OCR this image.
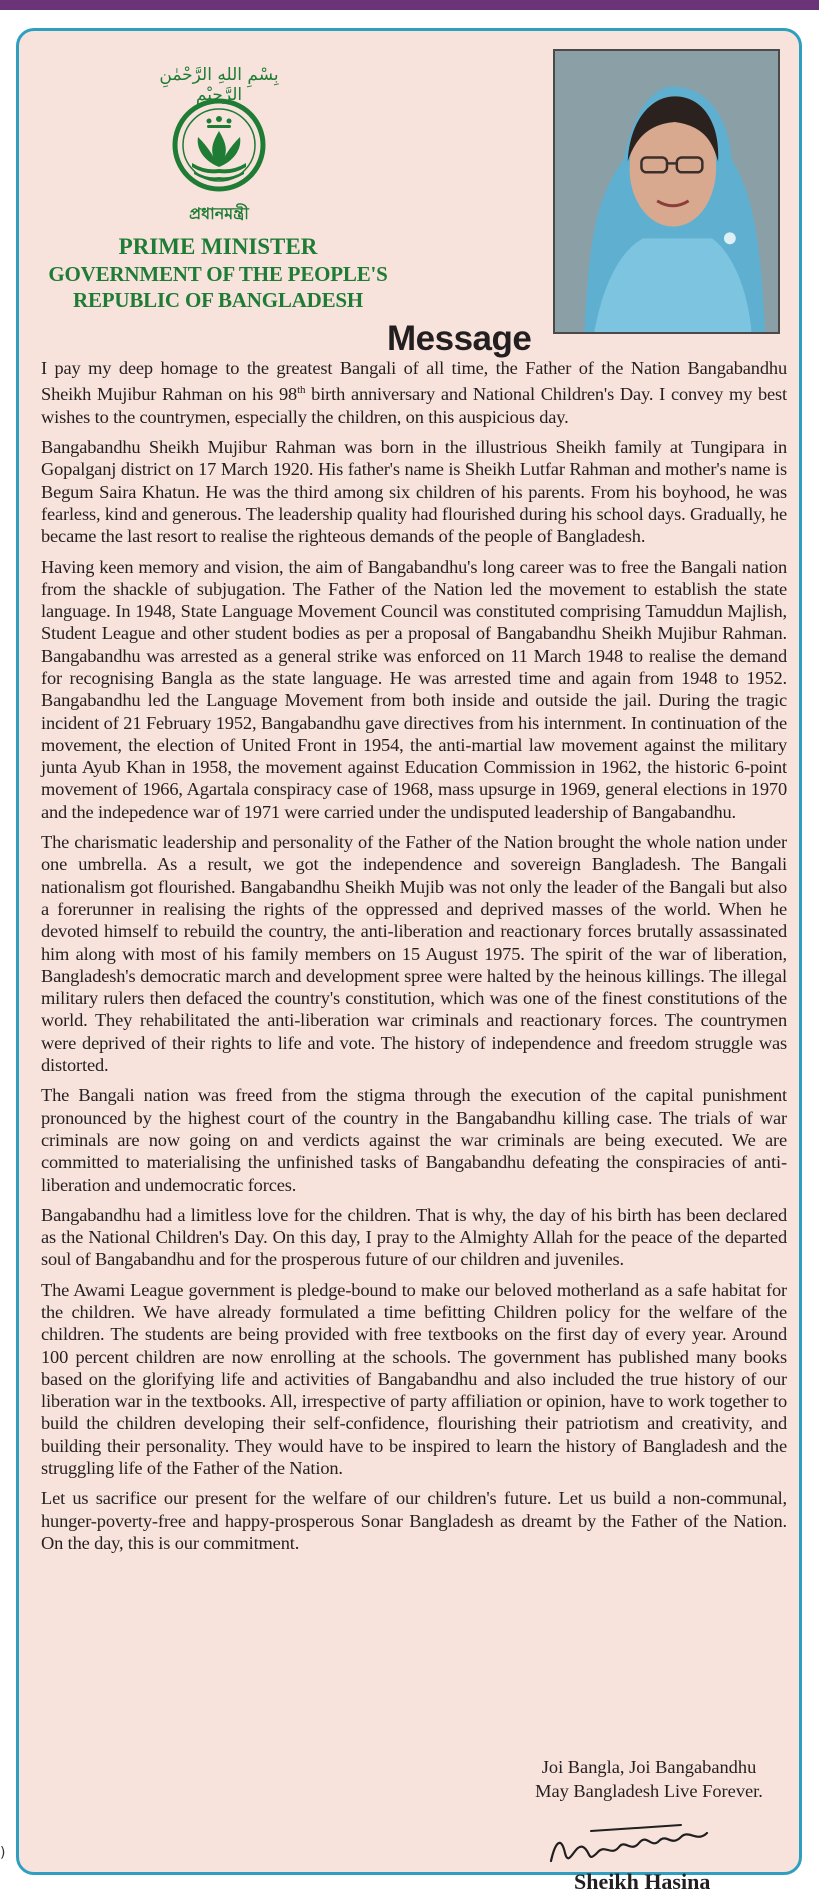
بِسْمِ اللهِ الرَّحْمٰنِ الرَّحِيْمِ
প্রধানমন্ত্রী
PRIME MINISTER
GOVERNMENT OF THE PEOPLE'S
REPUBLIC OF BANGLADESH
Message

I pay my deep homage to the greatest Bangali of all time, the Father of the Nation Bangabandhu Sheikh Mujibur Rahman on his 98th birth anniversary and National Children's Day. I convey my best wishes to the countrymen, especially the children, on this auspicious day.

Bangabandhu Sheikh Mujibur Rahman was born in the illustrious Sheikh family at Tungipara in Gopalganj district on 17 March 1920. His father's name is Sheikh Lutfar Rahman and mother's name is Begum Saira Khatun. He was the third among six children of his parents. From his boyhood, he was fearless, kind and generous. The leadership quality had flourished during his school days. Gradually, he became the last resort to realise the righteous demands of the people of Bangladesh.

Having keen memory and vision, the aim of Bangabandhu's long career was to free the Bangali nation from the shackle of subjugation. The Father of the Nation led the movement to establish the state language. In 1948, State Language Movement Council was constituted comprising Tamuddun Majlish, Student League and other student bodies as per a proposal of Bangabandhu Sheikh Mujibur Rahman. Bangabandhu was arrested as a general strike was enforced on 11 March 1948 to realise the demand for recognising Bangla as the state language. He was arrested time and again from 1948 to 1952. Bangabandhu led the Language Movement from both inside and outside the jail. During the tragic incident of 21 February 1952, Bangabandhu gave directives from his internment. In continuation of the movement, the election of United Front in 1954, the anti-martial law movement against the military junta Ayub Khan in 1958, the movement against Education Commission in 1962, the historic 6-point movement of 1966, Agartala conspiracy case of 1968, mass upsurge in 1969, general elections in 1970 and the indepedence war of 1971 were carried under the undisputed leadership of Bangabandhu.

The charismatic leadership and personality of the Father of the Nation brought the whole nation under one umbrella. As a result, we got the independence and sovereign Bangladesh. The Bangali nationalism got flourished. Bangabandhu Sheikh Mujib was not only the leader of the Bangali but also a forerunner in realising the rights of the oppressed and deprived masses of the world. When he devoted himself to rebuild the country, the anti-liberation and reactionary forces brutally assassinated him along with most of his family members on 15 August 1975. The spirit of the war of liberation, Bangladesh's democratic march and development spree were halted by the heinous killings. The illegal military rulers then defaced the country's constitution, which was one of the finest constitutions of the world. They rehabilitated the anti-liberation war criminals and reactionary forces. The countrymen were deprived of their rights to life and vote. The history of independence and freedom struggle was distorted.

The Bangali nation was freed from the stigma through the execution of the capital punishment pronounced by the highest court of the country in the Bangabandhu killing case. The trials of war criminals are now going on and verdicts against the war criminals are being executed. We are committed to materialising the unfinished tasks of Bangabandhu defeating the conspiracies of anti-liberation and undemocratic forces.

Bangabandhu had a limitless love for the children. That is why, the day of his birth has been declared as the National Children's Day. On this day, I pray to the Almighty Allah for the peace of the departed soul of Bangabandhu and for the prosperous future of our children and juveniles.

The Awami League government is pledge-bound to make our beloved motherland as a safe habitat for the children. We have already formulated a time befitting Children policy for the welfare of the children. The students are being provided with free textbooks on the first day of every year. Around 100 percent children are now enrolling at the schools. The government has published many books based on the glorifying life and activities of Bangabandhu and also included the true history of our liberation war in the textbooks. All, irrespective of party affiliation or opinion, have to work together to build the children developing their self-confidence, flourishing their patriotism and creativity, and building their personality. They would have to be inspired to learn the history of Bangladesh and the struggling life of the Father of the Nation.

Let us sacrifice our present for the welfare of our children's future. Let us build a non-communal, hunger-poverty-free and happy-prosperous Sonar Bangladesh as dreamt by the Father of the Nation. On the day, this is our commitment.

Joi Bangla, Joi Bangabandhu
May Bangladesh Live Forever.
Sheikh Hasina
)
